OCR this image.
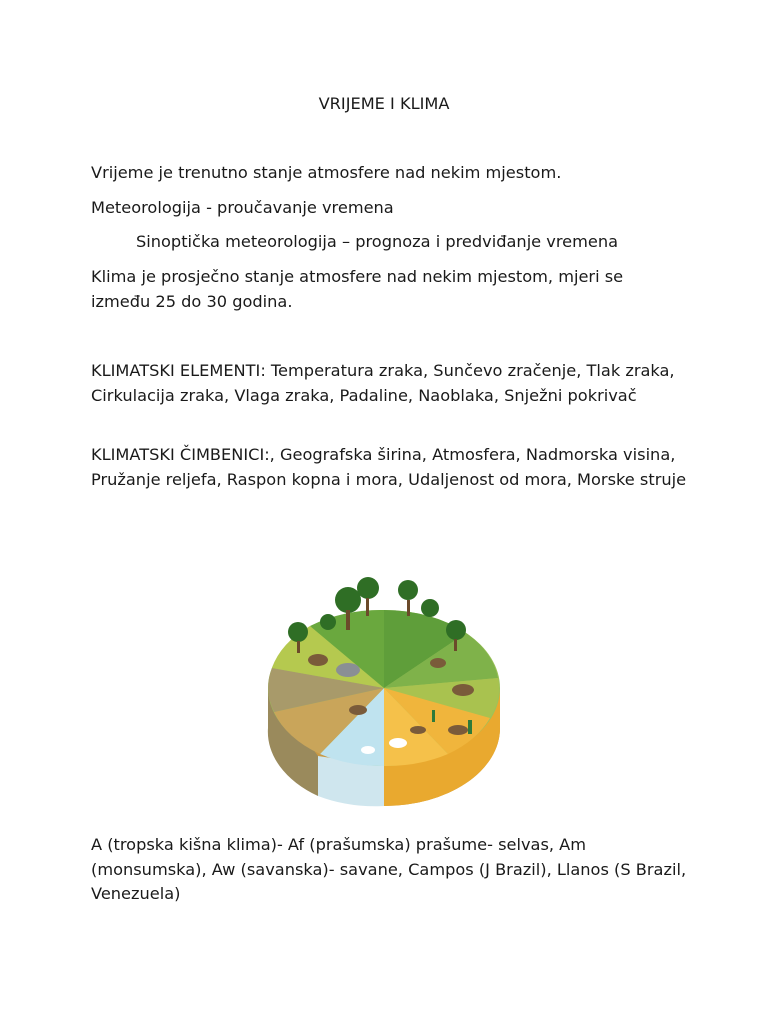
VRIJEME I KLIMA
Vrijeme je trenutno stanje atmosfere nad nekim mjestom.
Meteorologija - proučavanje vremena
Sinoptička meteorologija – prognoza i predviđanje vremena
Klima je prosječno stanje atmosfere nad nekim mjestom, mjeri se između 25 do 30 godina.
KLIMATSKI ELEMENTI: Temperatura zraka, Sunčevo zračenje, Tlak zraka, Cirkulacija zraka, Vlaga zraka, Padaline, Naoblaka, Snježni pokrivač
KLIMATSKI ČIMBENICI:, Geografska širina, Atmosfera, Nadmorska visina, Pružanje reljefa, Raspon kopna i mora, Udaljenost od mora, Morske struje
A (tropska kišna klima)- Af (prašumska) prašume- selvas, Am (monsumska), Aw (savanska)- savane, Campos (J Brazil), Llanos (S Brazil, Venezuela)
